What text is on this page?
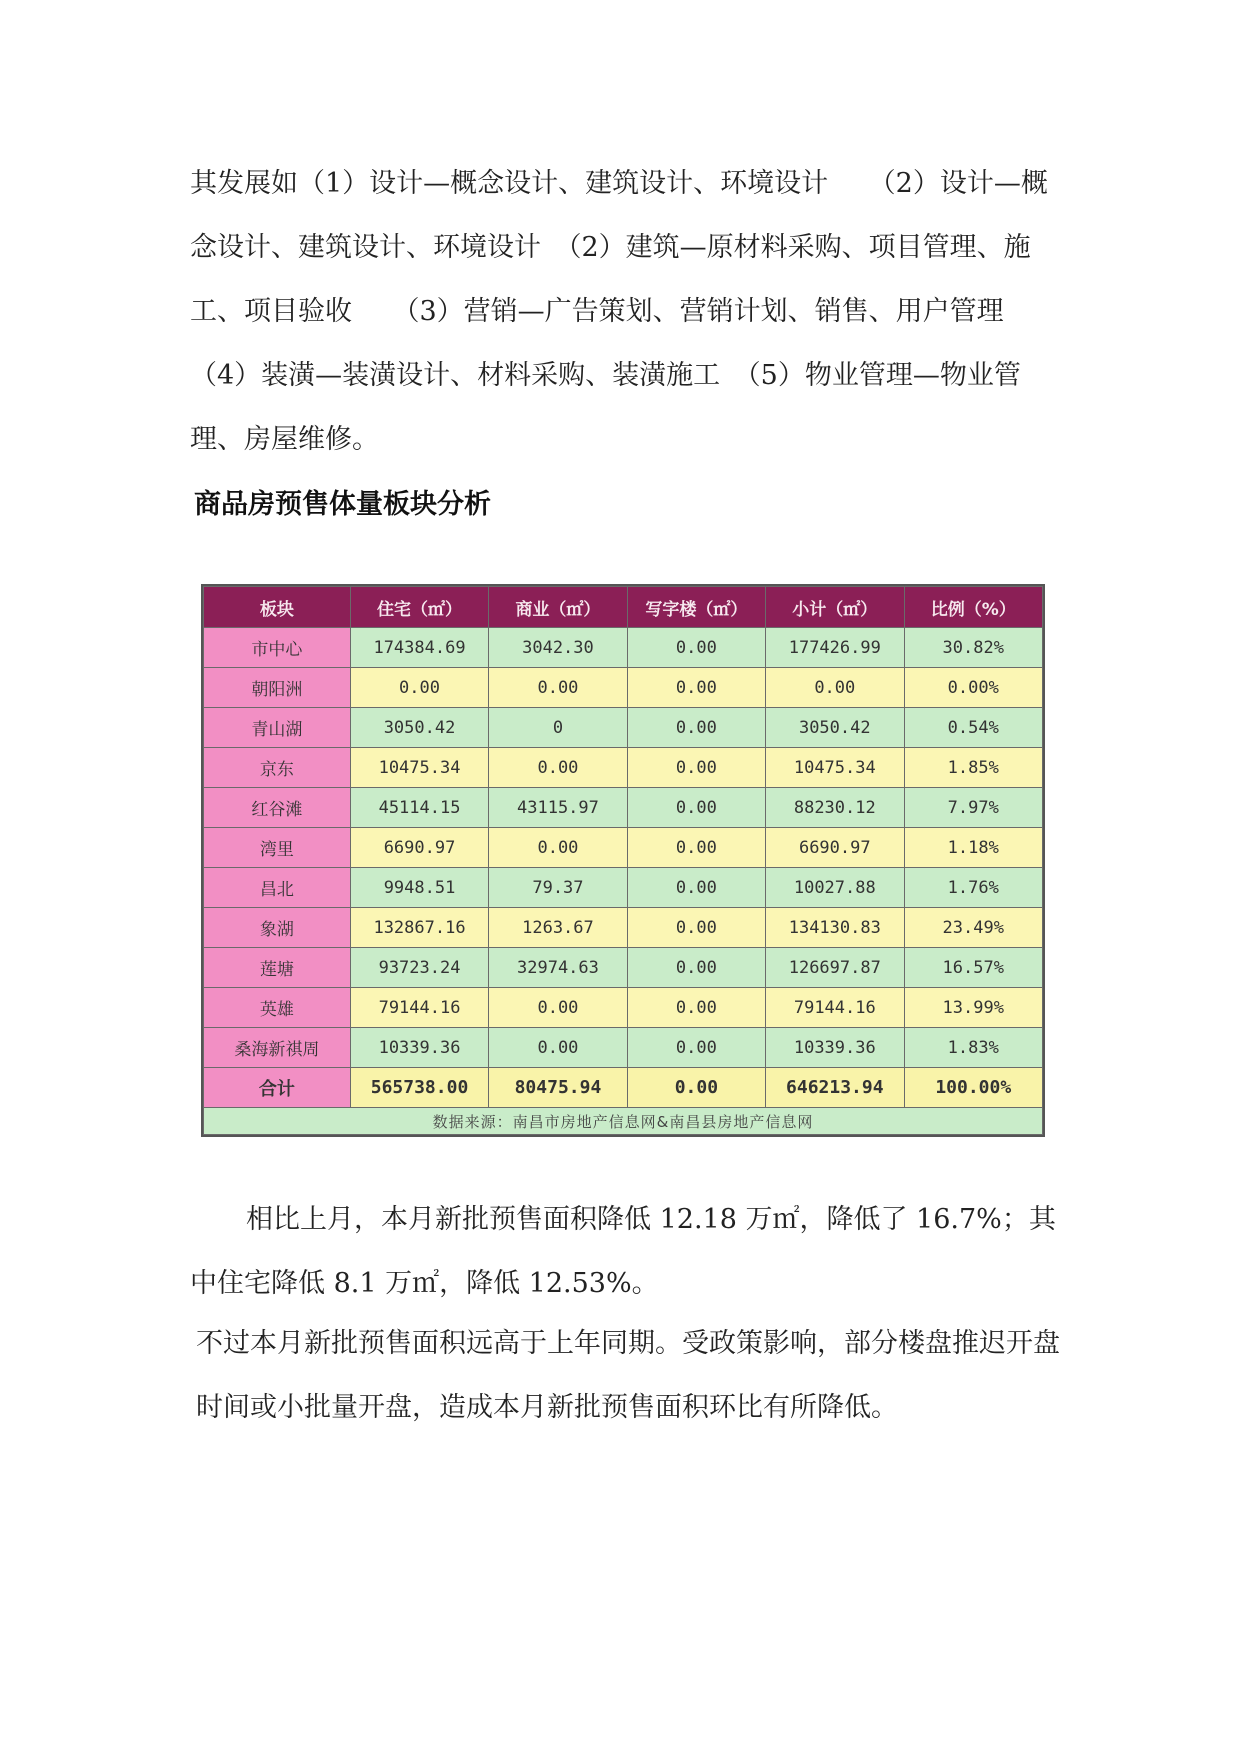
其发展如（1）设计—概念设计、建筑设计、环境设计　　（2）设计—概念设计、建筑设计、环境设计　（2）建筑—原材料采购、项目管理、施工、项目验收　　（3）营销—广告策划、营销计划、销售、用户管理　　（4）装潢—装潢设计、材料采购、装潢施工　（5）物业管理—物业管理、房屋维修。

商品房预售体量板块分析
板块	住宅（㎡）	商业（㎡）	写字楼（㎡）	小计（㎡）	比例（%）
市中心	174384.69	3042.30	0.00	177426.99	30.82%
朝阳洲	0.00	0.00	0.00	0.00	0.00%
青山湖	3050.42	0	0.00	3050.42	0.54%
京东	10475.34	0.00	0.00	10475.34	1.85%
红谷滩	45114.15	43115.97	0.00	88230.12	7.97%
湾里	6690.97	0.00	0.00	6690.97	1.18%
昌北	9948.51	79.37	0.00	10027.88	1.76%
象湖	132867.16	1263.67	0.00	134130.83	23.49%
莲塘	93723.24	32974.63	0.00	126697.87	16.57%
英雄	79144.16	0.00	0.00	79144.16	13.99%
桑海新祺周	10339.36	0.00	0.00	10339.36	1.83%
合计	565738.00	80475.94	0.00	646213.94	100.00%
数据来源：南昌市房地产信息网&南昌县房地产信息网					

相比上月，本月新批预售面积降低 12.18 万㎡，降低了 16.7%；其中住宅降低 8.1 万㎡，降低 12.53%。

不过本月新批预售面积远高于上年同期。受政策影响，部分楼盘推迟开盘时间或小批量开盘，造成本月新批预售面积环比有所降低。
